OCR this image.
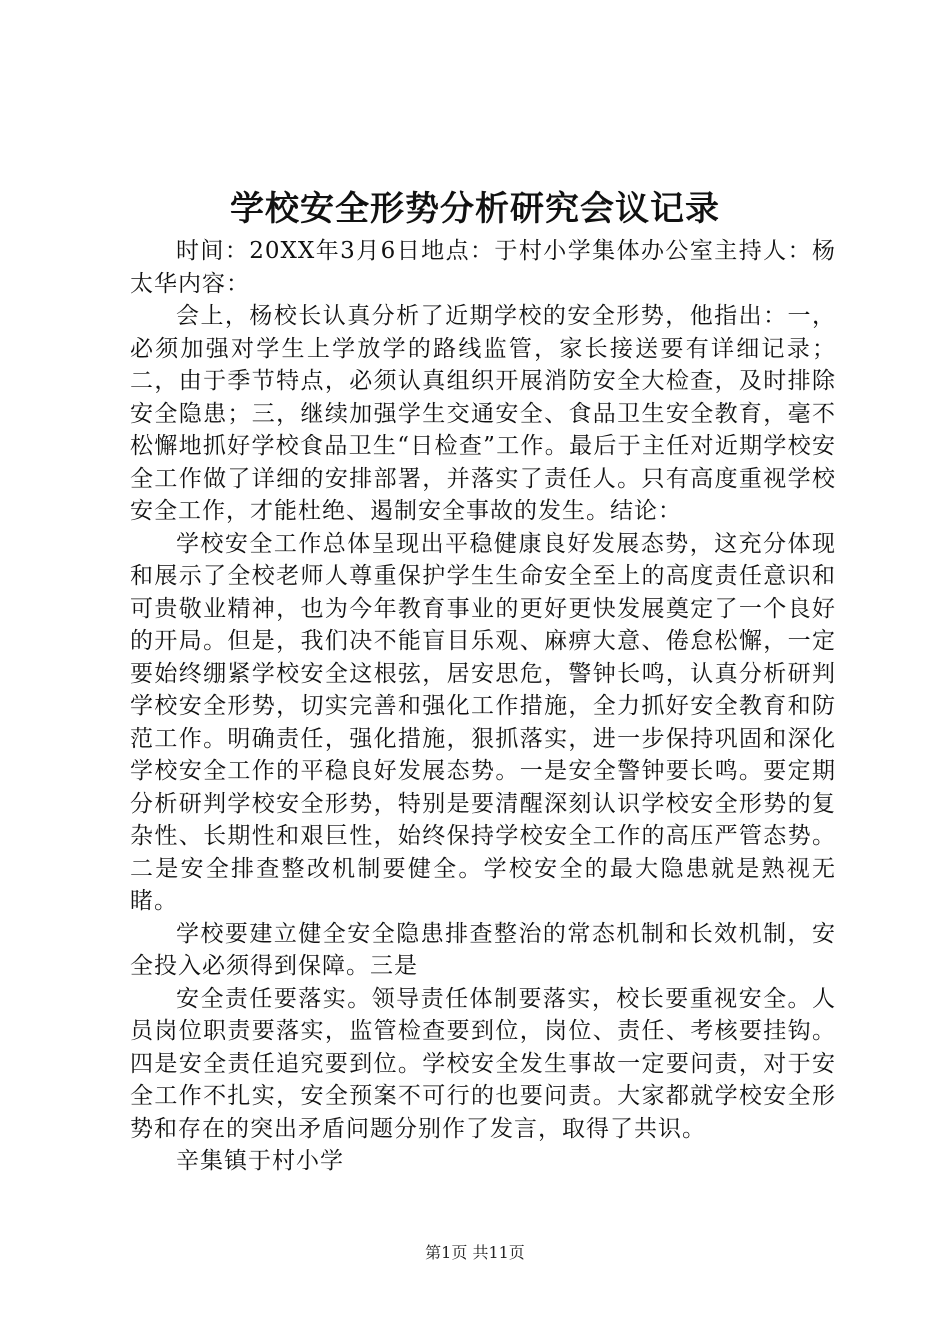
学校安全形势分析研究会议记录

时间：20XX年3月6日地点：于村小学集体办公室主持人：杨太华内容：

会上，杨校长认真分析了近期学校的安全形势，他指出：一，必须加强对学生上学放学的路线监管，家长接送要有详细记录；二，由于季节特点，必须认真组织开展消防安全大检查，及时排除安全隐患；三，继续加强学生交通安全、食品卫生安全教育，毫不松懈地抓好学校食品卫生“日检查”工作。最后于主任对近期学校安全工作做了详细的安排部署，并落实了责任人。只有高度重视学校安全工作，才能杜绝、遏制安全事故的发生。结论：

学校安全工作总体呈现出平稳健康良好发展态势，这充分体现和展示了全校老师人尊重保护学生生命安全至上的高度责任意识和可贵敬业精神，也为今年教育事业的更好更快发展奠定了一个良好的开局。但是，我们决不能盲目乐观、麻痹大意、倦怠松懈，一定要始终绷紧学校安全这根弦，居安思危，警钟长鸣，认真分析研判学校安全形势，切实完善和强化工作措施，全力抓好安全教育和防范工作。明确责任，强化措施，狠抓落实，进一步保持巩固和深化学校安全工作的平稳良好发展态势。一是安全警钟要长鸣。要定期分析研判学校安全形势，特别是要清醒深刻认识学校安全形势的复杂性、长期性和艰巨性，始终保持学校安全工作的高压严管态势。二是安全排查整改机制要健全。学校安全的最大隐患就是熟视无睹。

学校要建立健全安全隐患排查整治的常态机制和长效机制，安全投入必须得到保障。三是

安全责任要落实。领导责任体制要落实，校长要重视安全。人员岗位职责要落实，监管检查要到位，岗位、责任、考核要挂钩。四是安全责任追究要到位。学校安全发生事故一定要问责，对于安全工作不扎实，安全预案不可行的也要问责。大家都就学校安全形势和存在的突出矛盾问题分别作了发言，取得了共识。

辛集镇于村小学

第1页 共11页
